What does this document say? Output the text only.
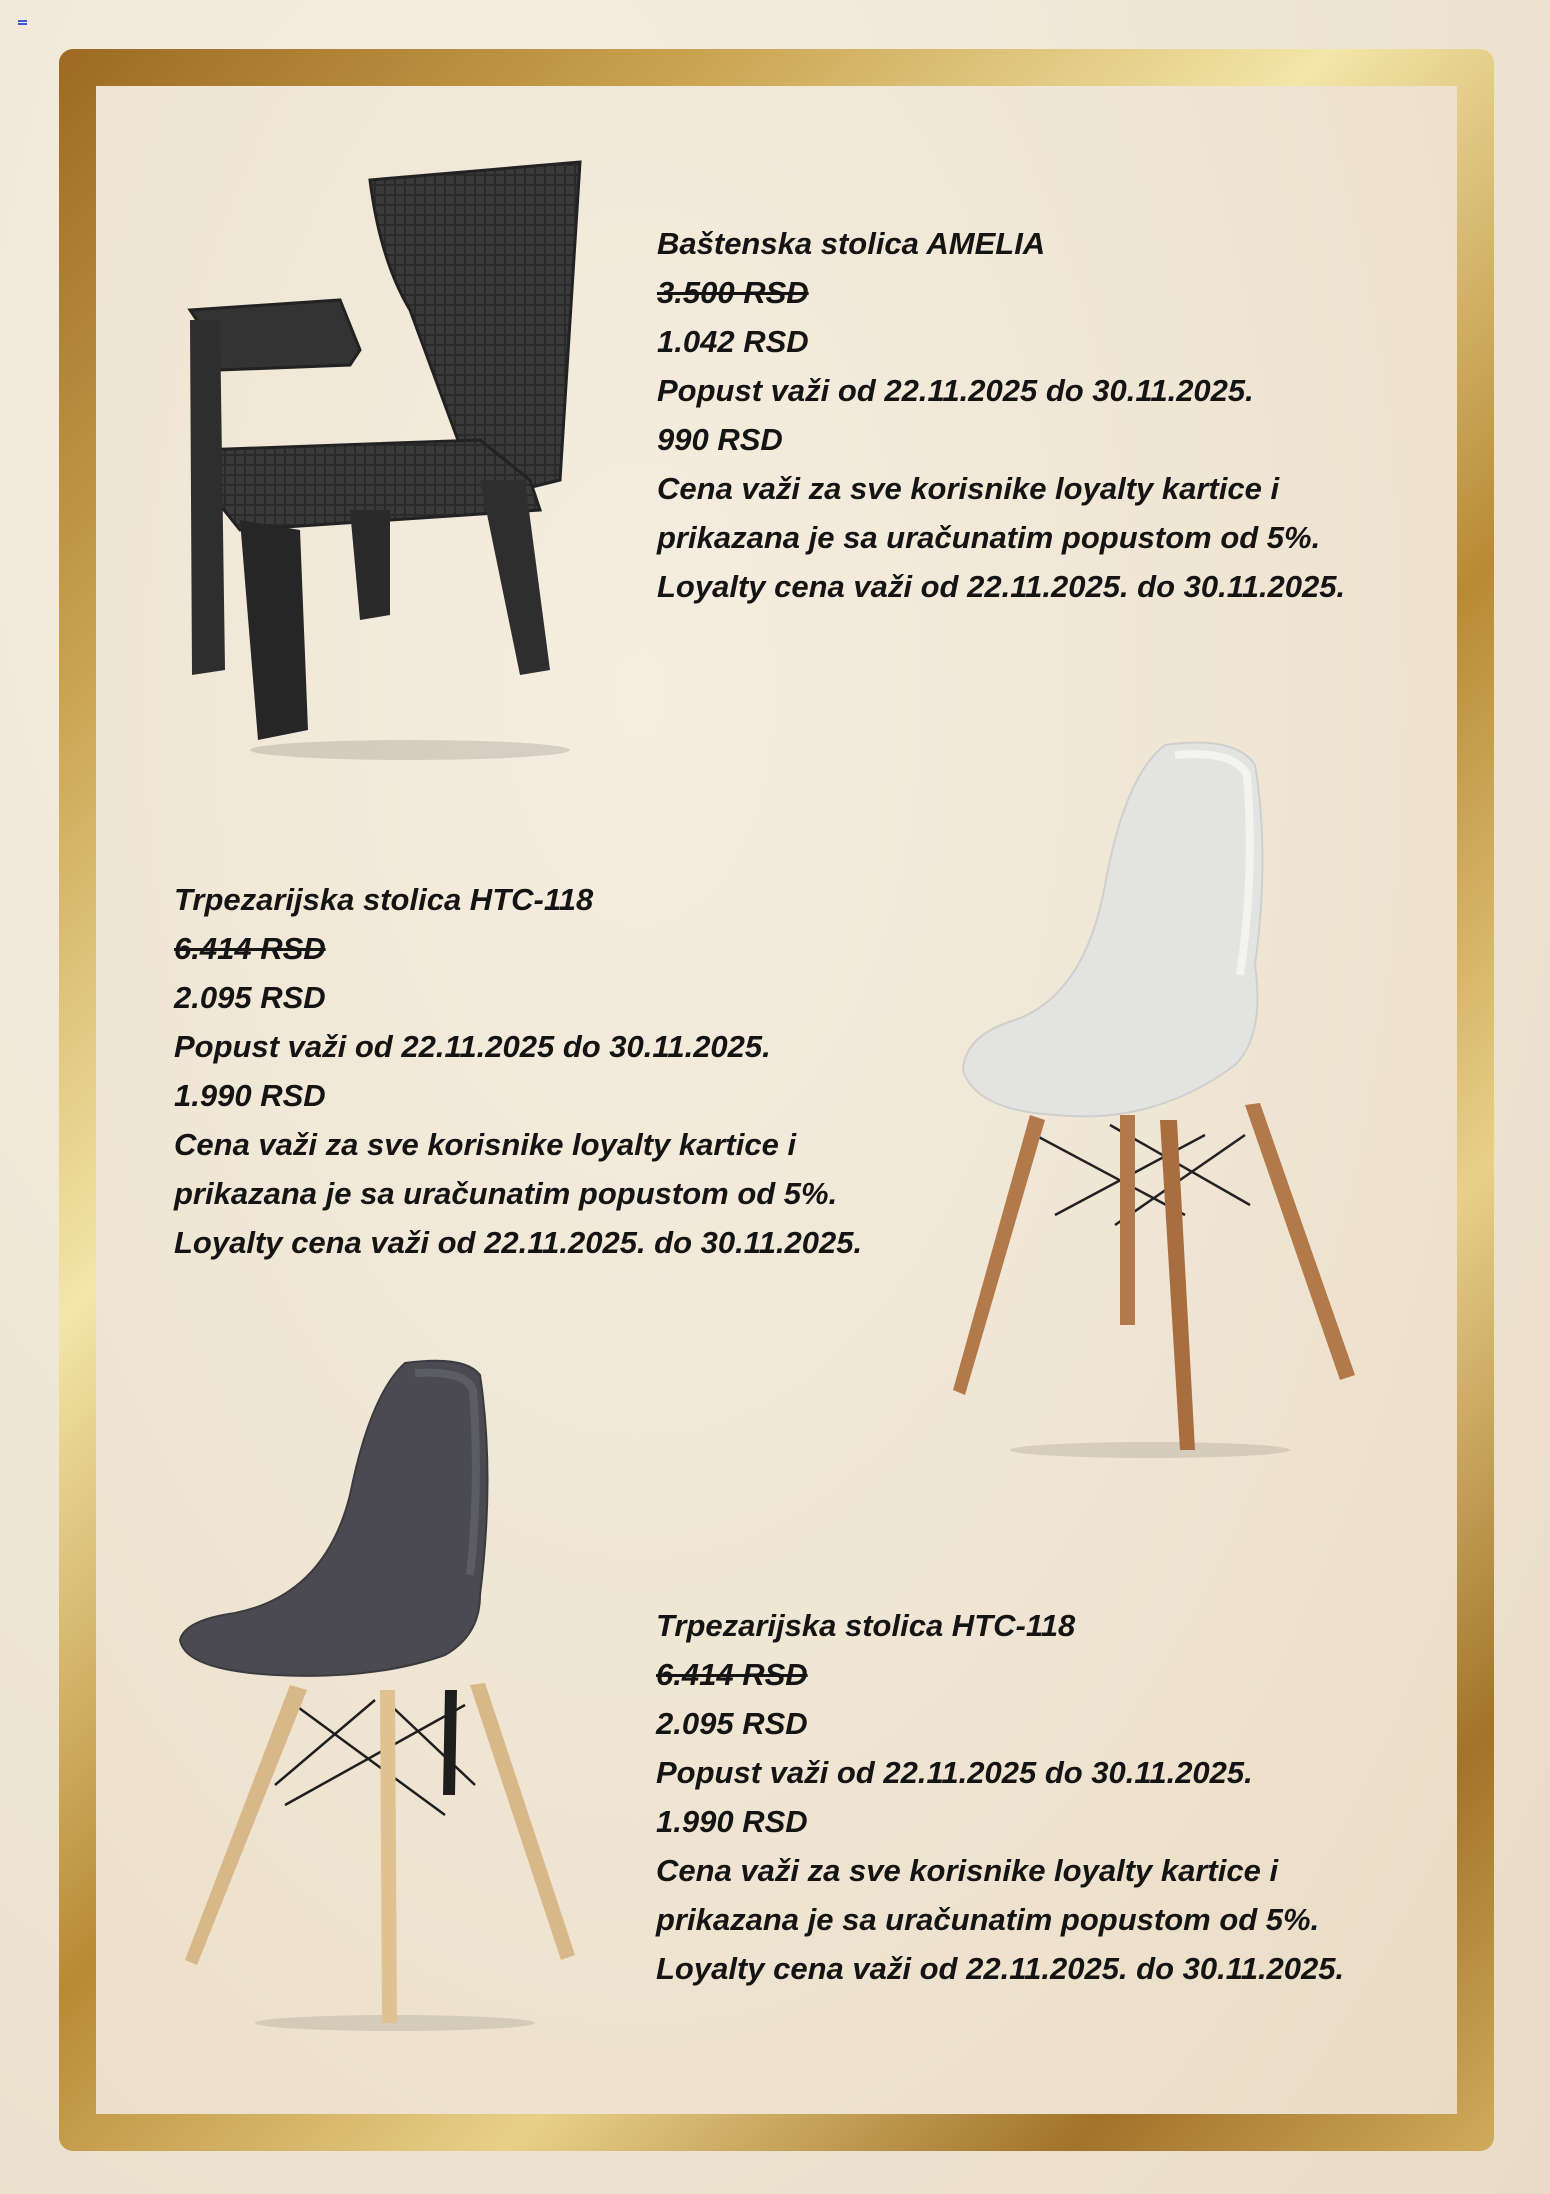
Baštenska stolica AMELIA
3.500 RSD
1.042 RSD
Popust važi od 22.11.2025 do 30.11.2025.
990 RSD
Cena važi za sve korisnike loyalty kartice i
prikazana je sa uračunatim popustom od 5%.
Loyalty cena važi od 22.11.2025. do 30.11.2025.
Trpezarijska stolica HTC-118
6.414 RSD
2.095 RSD
Popust važi od 22.11.2025 do 30.11.2025.
1.990 RSD
Cena važi za sve korisnike loyalty kartice i
prikazana je sa uračunatim popustom od 5%.
Loyalty cena važi od 22.11.2025. do 30.11.2025.
Trpezarijska stolica HTC-118
6.414 RSD
2.095 RSD
Popust važi od 22.11.2025 do 30.11.2025.
1.990 RSD
Cena važi za sve korisnike loyalty kartice i
prikazana je sa uračunatim popustom od 5%.
Loyalty cena važi od 22.11.2025. do 30.11.2025.
